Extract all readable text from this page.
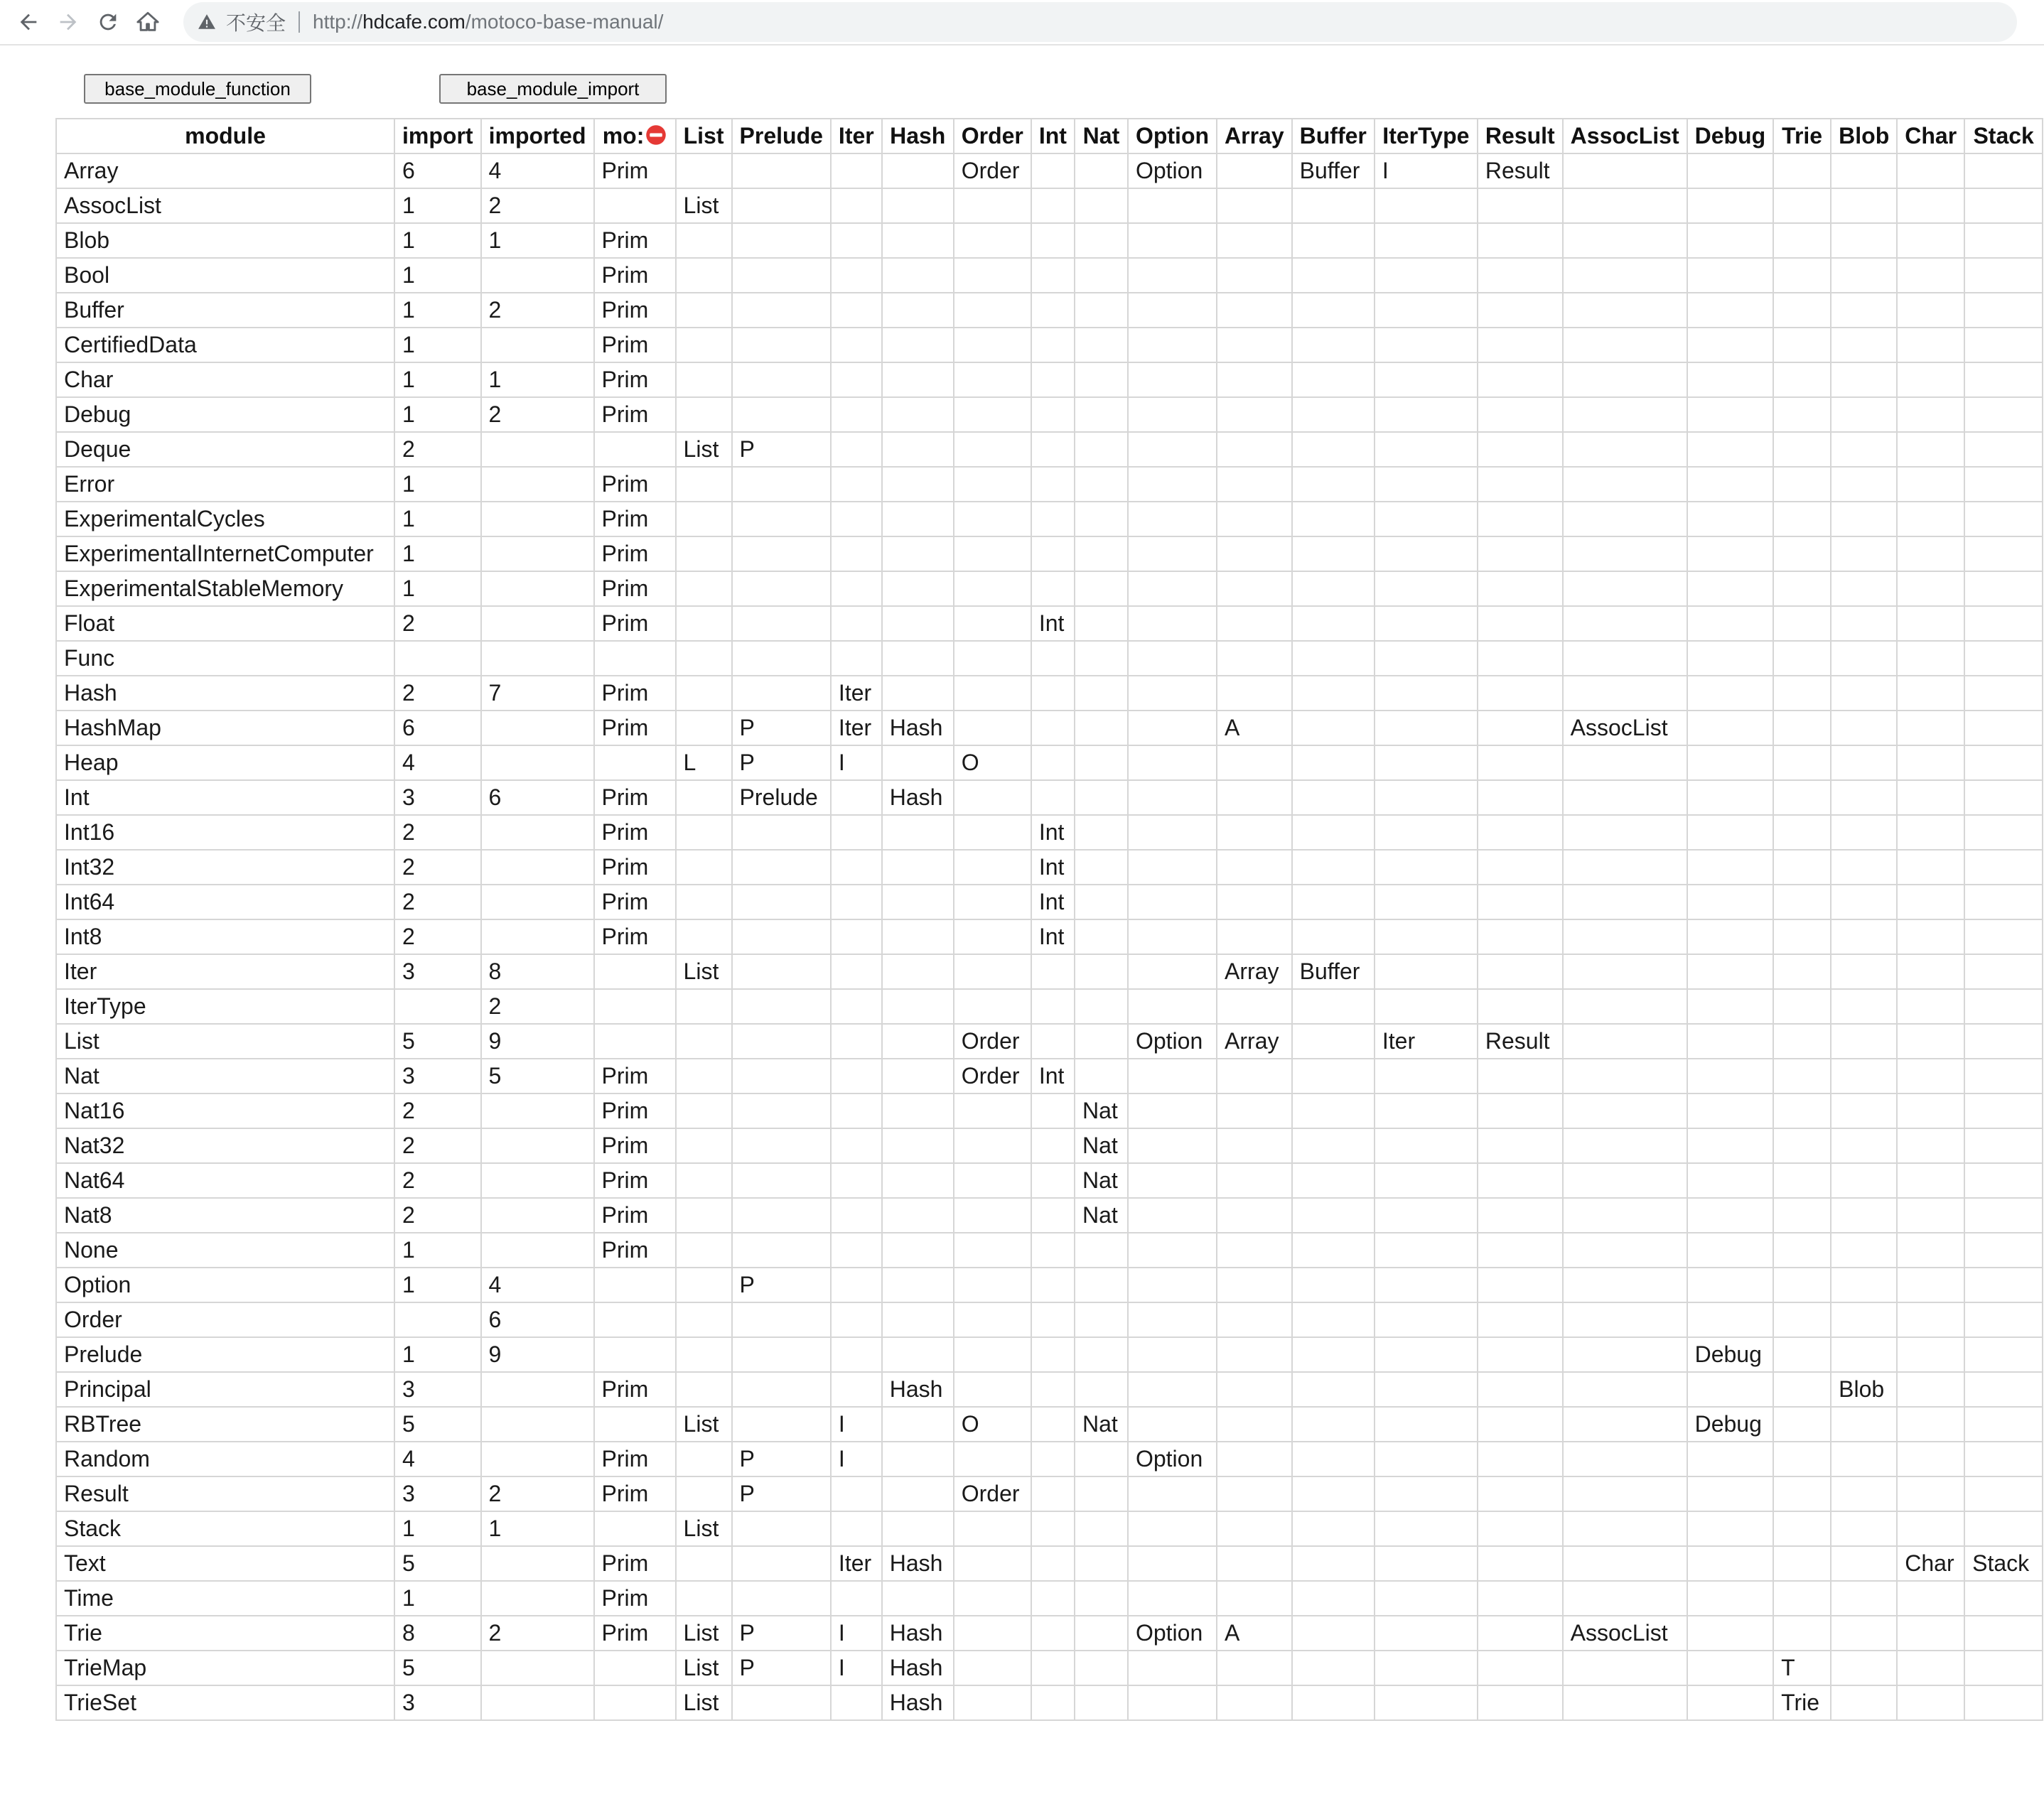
不安全 http:// hdcafe.com /motoco-base-manual/
base_module_function	base_module_import
module	import	imported	mo:	List	Prelude	Iter	Hash	Order	Int	Nat	Option	Array	Buffer	IterType	Result	AssocList	Debug	Trie	Blob	Char	Stack
Array	6	4	Prim					Order			Option		Buffer	I	Result						
AssocList	1	2		List																	
Blob	1	1	Prim																		
Bool	1		Prim																		
Buffer	1	2	Prim																		
CertifiedData	1		Prim																		
Char	1	1	Prim																		
Debug	1	2	Prim																		
Deque	2			List	P																
Error	1		Prim																		
ExperimentalCycles	1		Prim																		
ExperimentalInternetComputer	1		Prim																		
ExperimentalStableMemory	1		Prim																		
Float	2		Prim						Int												
Func																					
Hash	2	7	Prim			Iter															
HashMap	6		Prim		P	Iter	Hash					A				AssocList					
Heap	4			L	P	I		O													
Int	3	6	Prim		Prelude		Hash														
Int16	2		Prim						Int												
Int32	2		Prim						Int												
Int64	2		Prim						Int												
Int8	2		Prim						Int												
Iter	3	8		List								Array	Buffer								
IterType		2																			
List	5	9						Order			Option	Array		Iter	Result						
Nat	3	5	Prim					Order	Int												
Nat16	2		Prim							Nat											
Nat32	2		Prim							Nat											
Nat64	2		Prim							Nat											
Nat8	2		Prim							Nat											
None	1		Prim																		
Option	1	4			P																
Order		6																			
Prelude	1	9															Debug				
Principal	3		Prim				Hash												Blob		
RBTree	5			List		I		O		Nat							Debug				
Random	4		Prim		P	I					Option										
Result	3	2	Prim		P			Order													
Stack	1	1		List																	
Text	5		Prim			Iter	Hash													Char	Stack
Time	1		Prim																		
Trie	8	2	Prim	List	P	I	Hash				Option	A				AssocList					
TrieMap	5			List	P	I	Hash											T			
TrieSet	3			List			Hash											Trie			
